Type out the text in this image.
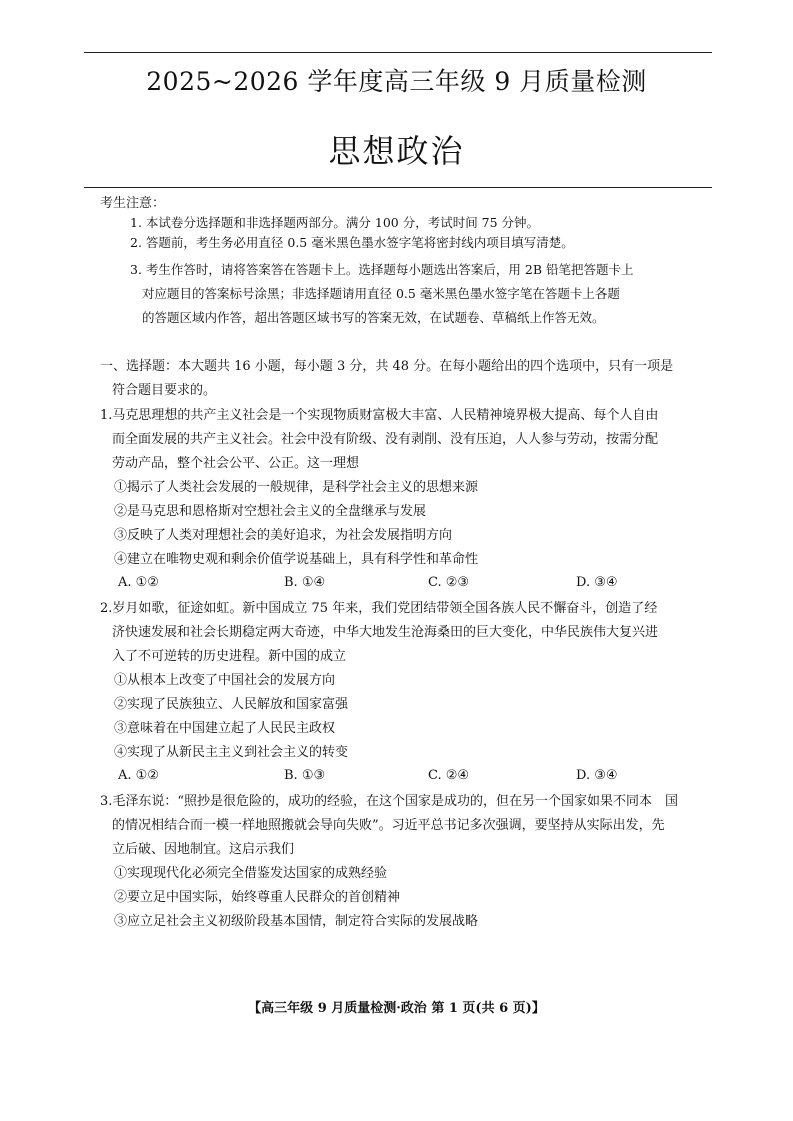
2025~2026 学年度高三年级 9 月质量检测
思想政治
考生注意：
1. 本试卷分选择题和非选择题两部分。满分 100 分，考试时间 75 分钟。
2. 答题前，考生务必用直径 0.5 毫米黑色墨水签字笔将密封线内项目填写清楚。
3. 考生作答时，请将答案答在答题卡上。选择题每小题选出答案后，用 2B 铅笔把答题卡上
对应题目的答案标号涂黑；非选择题请用直径 0.5 毫米黑色墨水签字笔在答题卡上各题
的答题区域内作答，超出答题区域书写的答案无效，在试题卷、草稿纸上作答无效。
一、选择题：本大题共 16 小题，每小题 3 分，共 48 分。在每小题给出的四个选项中，只有一项是
符合题目要求的。
1.马克思理想的共产主义社会是一个实现物质财富极大丰富、人民精神境界极大提高、每个人自由
而全面发展的共产主义社会。社会中没有阶级、没有剥削、没有压迫，人人参与劳动，按需分配
劳动产品，整个社会公平、公正。这一理想
①揭示了人类社会发展的一般规律，是科学社会主义的思想来源
②是马克思和恩格斯对空想社会主义的全盘继承与发展
③反映了人类对理想社会的美好追求，为社会发展指明方向
④建立在唯物史观和剩余价值学说基础上，具有科学性和革命性
A. ①②	B. ①④	C. ②③	D. ③④
2.岁月如歌，征途如虹。新中国成立 75 年来，我们党团结带领全国各族人民不懈奋斗，创造了经
济快速发展和社会长期稳定两大奇迹，中华大地发生沧海桑田的巨大变化，中华民族伟大复兴进
入了不可逆转的历史进程。新中国的成立
①从根本上改变了中国社会的发展方向
②实现了民族独立、人民解放和国家富强
③意味着在中国建立起了人民民主政权
④实现了从新民主主义到社会主义的转变
A. ①②	B. ①③	C. ②④	D. ③④
3.毛泽东说：“照抄是很危险的，成功的经验，在这个国家是成功的，但在另一个国家如果不同本　国
的情况相结合而一模一样地照搬就会导向失败”。习近平总书记多次强调，要坚持从实际出发，先
立后破、因地制宜。这启示我们
①实现现代化必须完全借鉴发达国家的成熟经验
②要立足中国实际，始终尊重人民群众的首创精神
③应立足社会主义初级阶段基本国情，制定符合实际的发展战略
【高三年级 9 月质量检测·政治 第 1 页(共 6 页)】
